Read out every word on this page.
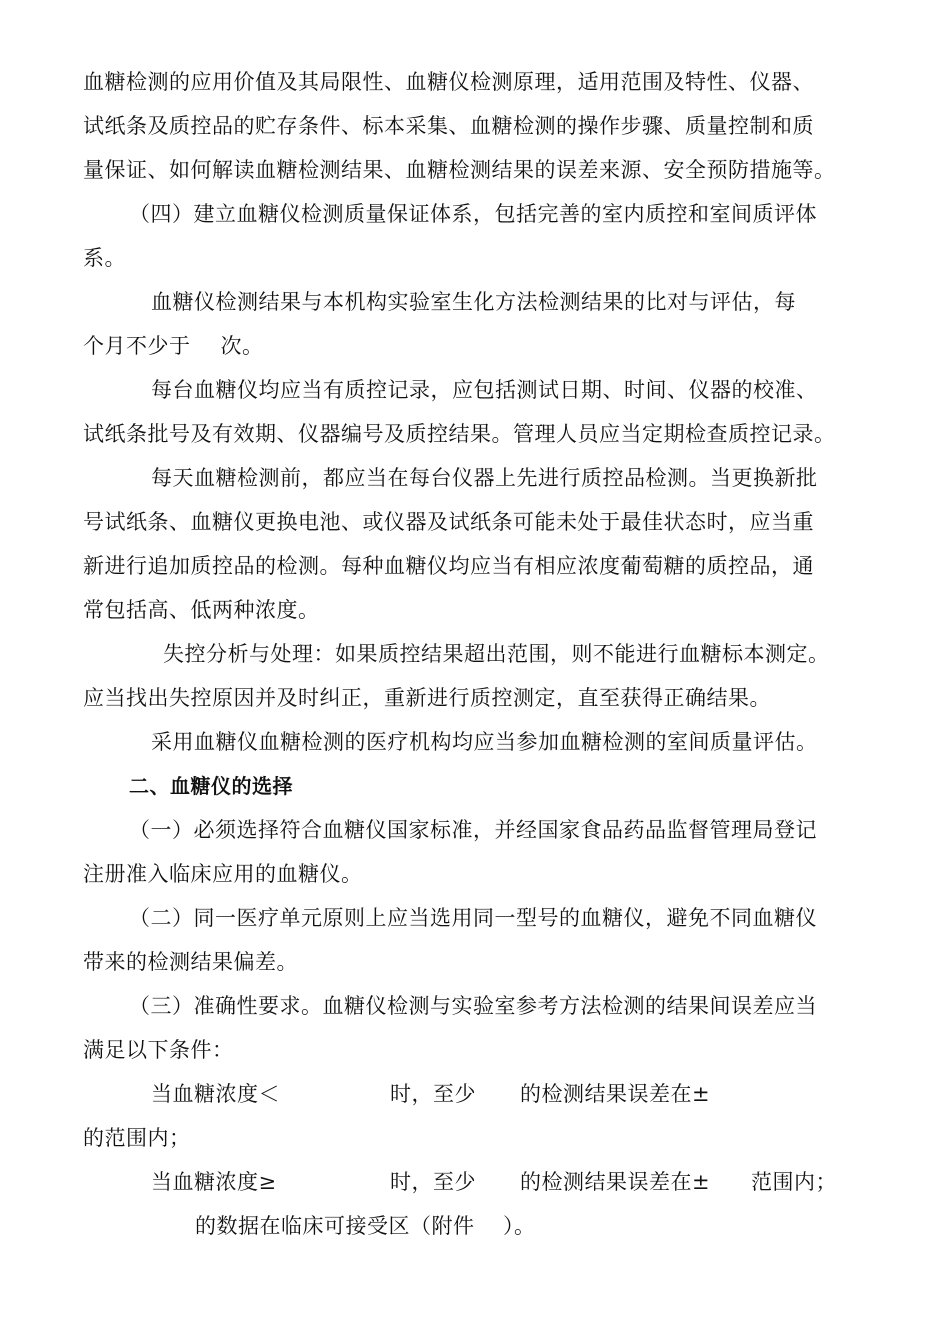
血糖检测的应用价值及其局限性、血糖仪检测原理，适用范围及特性、仪器、
试纸条及质控品的贮存条件、标本采集、血糖检测的操作步骤、质量控制和质
量保证、如何解读血糖检测结果、血糖检测结果的误差来源、安全预防措施等。
（四）建立血糖仪检测质量保证体系，包括完善的室内质控和室间质评体
系。
血糖仪检测结果与本机构实验室生化方法检测结果的比对与评估，每
个月不少于 次。
每台血糖仪均应当有质控记录，应包括测试日期、时间、仪器的校准、
试纸条批号及有效期、仪器编号及质控结果。管理人员应当定期检查质控记录。
每天血糖检测前，都应当在每台仪器上先进行质控品检测。当更换新批
号试纸条、血糖仪更换电池、或仪器及试纸条可能未处于最佳状态时，应当重
新进行追加质控品的检测。每种血糖仪均应当有相应浓度葡萄糖的质控品，通
常包括高、低两种浓度。
失控分析与处理：如果质控结果超出范围，则不能进行血糖标本测定。
应当找出失控原因并及时纠正，重新进行质控测定，直至获得正确结果。
采用血糖仪血糖检测的医疗机构均应当参加血糖检测的室间质量评估。
二、血糖仪的选择
（一）必须选择符合血糖仪国家标准，并经国家食品药品监督管理局登记
注册准入临床应用的血糖仪。
（二）同一医疗单元原则上应当选用同一型号的血糖仪，避免不同血糖仪
带来的检测结果偏差。
（三）准确性要求。血糖仪检测与实验室参考方法检测的结果间误差应当
满足以下条件：
当血糖浓度＜	时，至少 的检测结果误差在±
的范围内；
当血糖浓度≥	时，至少 的检测结果误差在± 范围内；
的数据在临床可接受区（附件 ）。
